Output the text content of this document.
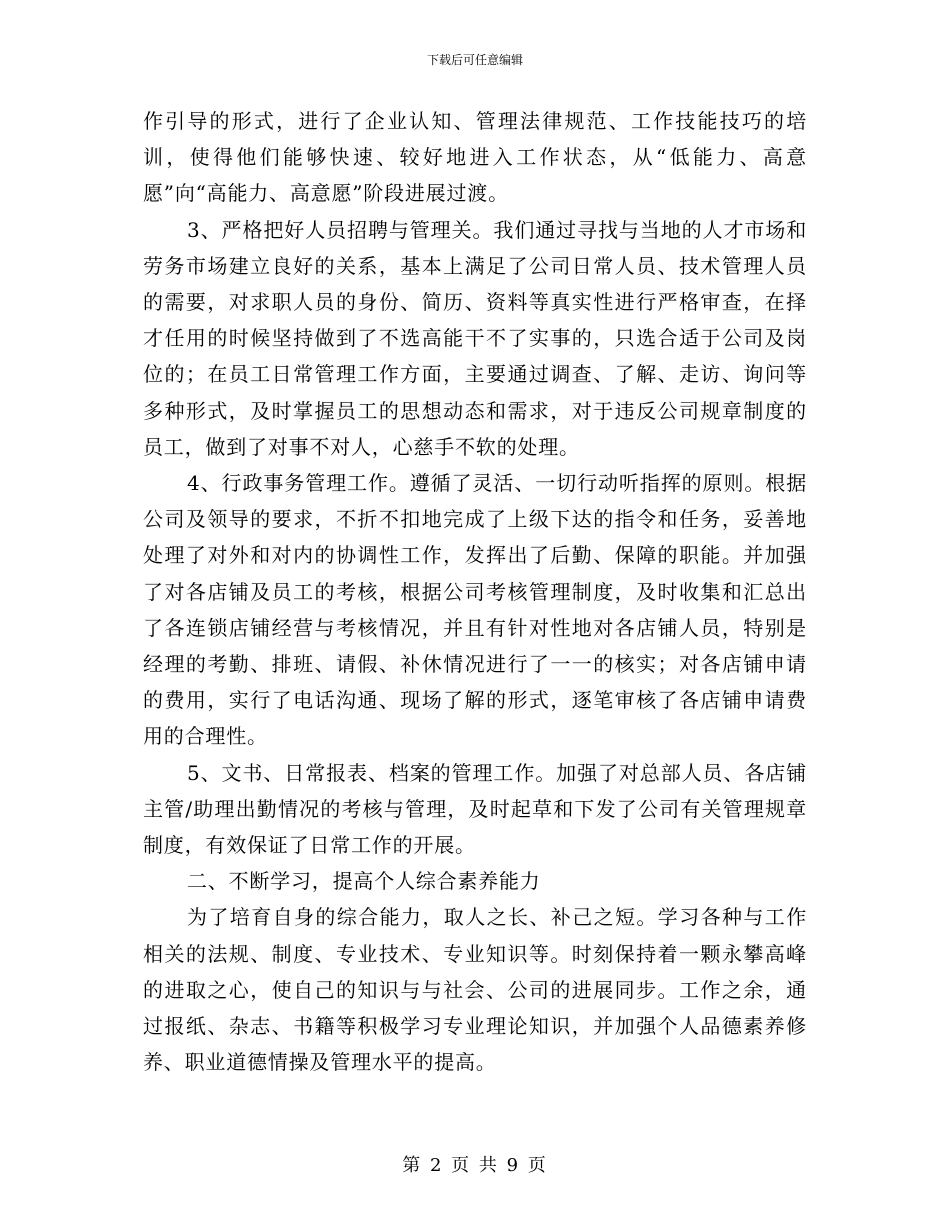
下载后可任意编辑

作引导的形式，进行了企业认知、管理法律规范、工作技能技巧的培训，使得他们能够快速、较好地进入工作状态，从“低能力、高意愿”向“高能力、高意愿”阶段进展过渡。

3、严格把好人员招聘与管理关。我们通过寻找与当地的人才市场和劳务市场建立良好的关系，基本上满足了公司日常人员、技术管理人员的需要，对求职人员的身份、简历、资料等真实性进行严格审查，在择才任用的时候坚持做到了不选高能干不了实事的，只选合适于公司及岗位的；在员工日常管理工作方面，主要通过调查、了解、走访、询问等多种形式，及时掌握员工的思想动态和需求，对于违反公司规章制度的员工，做到了对事不对人，心慈手不软的处理。

4、行政事务管理工作。遵循了灵活、一切行动听指挥的原则。根据公司及领导的要求，不折不扣地完成了上级下达的指令和任务，妥善地处理了对外和对内的协调性工作，发挥出了后勤、保障的职能。并加强了对各店铺及员工的考核，根据公司考核管理制度，及时收集和汇总出了各连锁店铺经营与考核情况，并且有针对性地对各店铺人员，特别是经理的考勤、排班、请假、补休情况进行了一一的核实；对各店铺申请的费用，实行了电话沟通、现场了解的形式，逐笔审核了各店铺申请费用的合理性。

5、文书、日常报表、档案的管理工作。加强了对总部人员、各店铺主管/助理出勤情况的考核与管理，及时起草和下发了公司有关管理规章制度，有效保证了日常工作的开展。

二、不断学习，提高个人综合素养能力

为了培育自身的综合能力，取人之长、补己之短。学习各种与工作相关的法规、制度、专业技术、专业知识等。时刻保持着一颗永攀高峰的进取之心，使自己的知识与与社会、公司的进展同步。工作之余，通过报纸、杂志、书籍等积极学习专业理论知识，并加强个人品德素养修养、职业道德情操及管理水平的提高。

第 2 页 共 9 页
